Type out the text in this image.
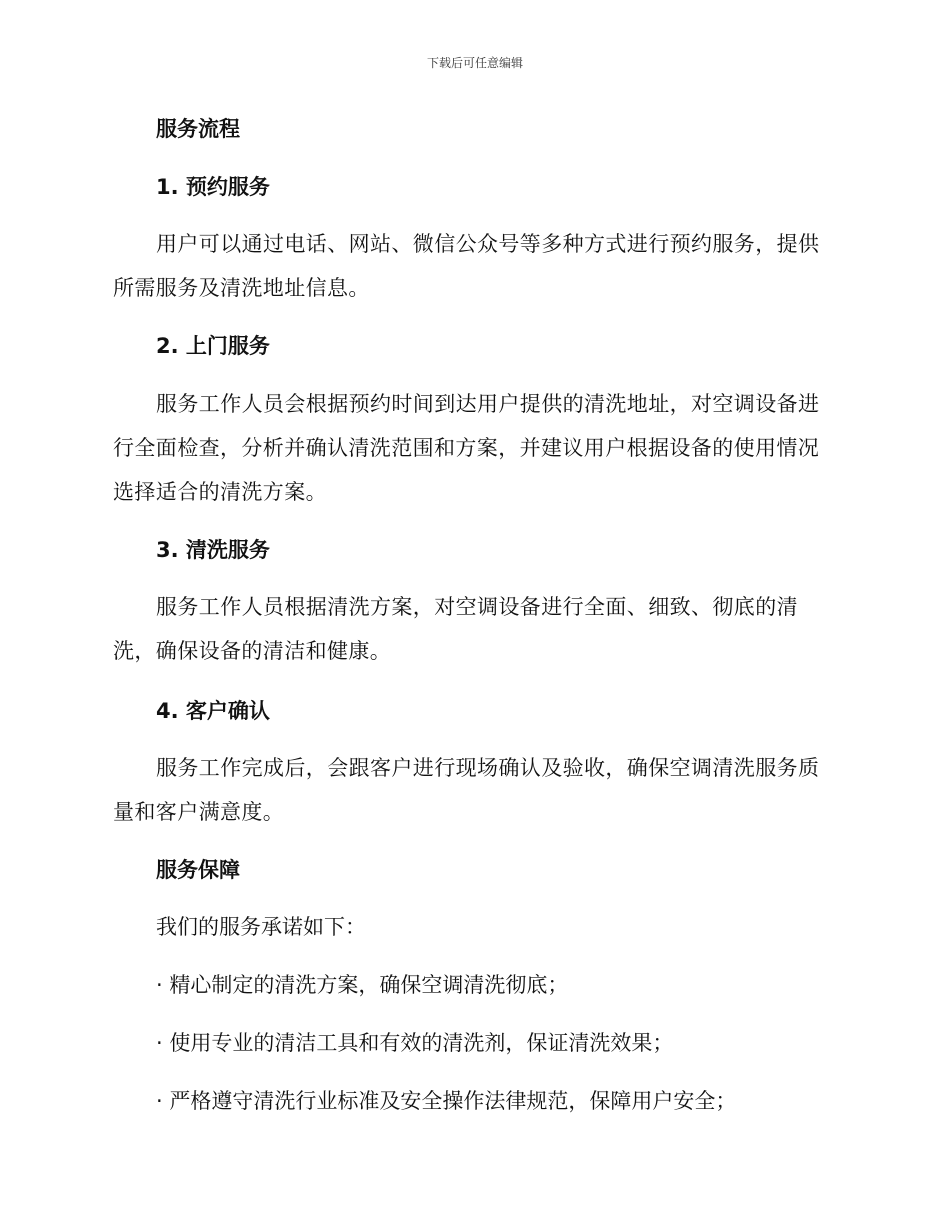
下载后可任意编辑
服务流程
1. 预约服务
用户可以通过电话、网站、微信公众号等多种方式进行预约服务，提供所需服务及清洗地址信息。
2. 上门服务
服务工作人员会根据预约时间到达用户提供的清洗地址，对空调设备进行全面检查，分析并确认清洗范围和方案，并建议用户根据设备的使用情况选择适合的清洗方案。
3. 清洗服务
服务工作人员根据清洗方案，对空调设备进行全面、细致、彻底的清洗，确保设备的清洁和健康。
4. 客户确认
服务工作完成后，会跟客户进行现场确认及验收，确保空调清洗服务质量和客户满意度。
服务保障
我们的服务承诺如下：
· 精心制定的清洗方案，确保空调清洗彻底；
· 使用专业的清洁工具和有效的清洗剂，保证清洗效果；
· 严格遵守清洗行业标准及安全操作法律规范，保障用户安全；
